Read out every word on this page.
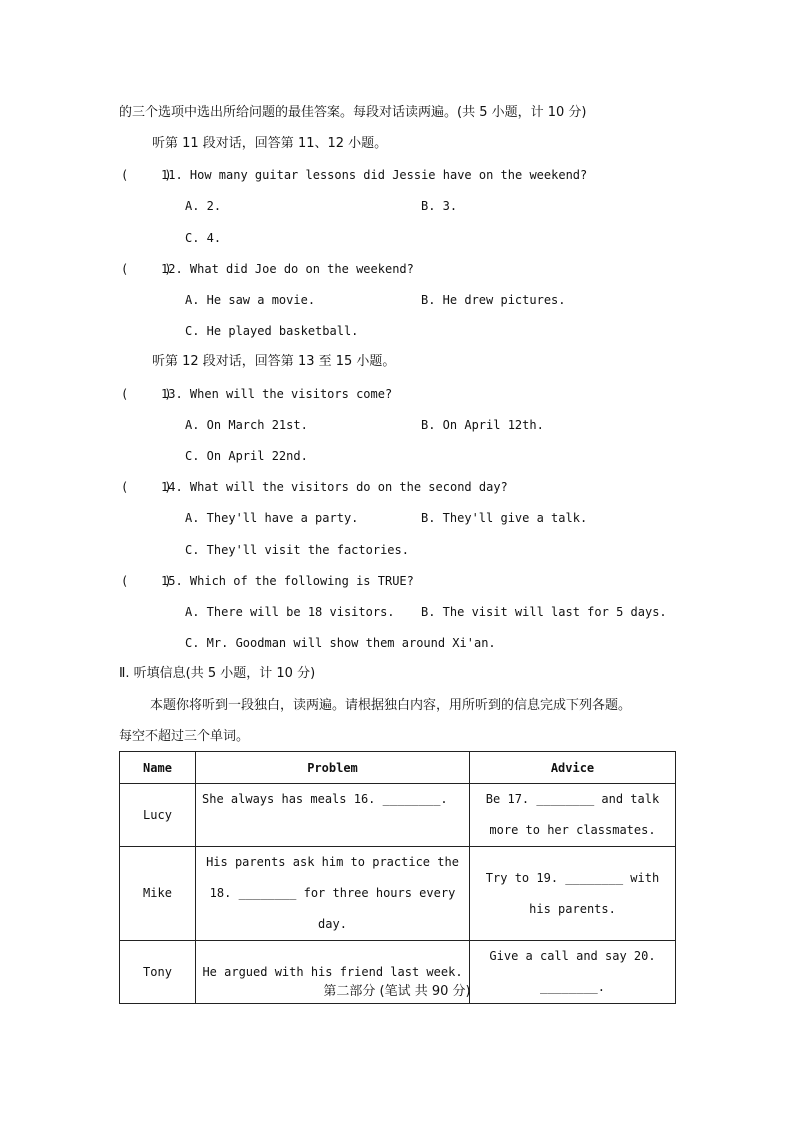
的三个选项中选出所给问题的最佳答案。每段对话读两遍。(共 5 小题，计 10 分)
听第 11 段对话，回答第 11、12 小题。
(     )
11. How many guitar lessons did Jessie have on the weekend?
A. 2.	B. 3.
C. 4.
(     )
12. What did Joe do on the weekend?
A. He saw a movie.	B. He drew pictures.
C. He played basketball.
听第 12 段对话，回答第 13 至 15 小题。
(     )
13. When will the visitors come?
A. On March 21st.	B. On April 12th.
C. On April 22nd.
(     )
14. What will the visitors do on the second day?
A. They'll have a party.	B. They'll give a talk.
C. They'll visit the factories.
(     )
15. Which of the following is TRUE?
A. There will be 18 visitors. B. The visit will last for 5 days.
C. Mr. Goodman will show them around Xi'an.
Ⅱ. 听填信息(共 5 小题，计 10 分)
本题你将听到一段独白，读两遍。请根据独白内容，用所听到的信息完成下列各题。
每空不超过三个单词。
Name	Problem	Advice
Lucy	She always has meals 16. ________.	Be 17. ________ and talk more to her classmates.
Mike	His parents ask him to practice the 18. ________ for three hours every day.	Try to 19. ________ with his parents.
Tony	He argued with his friend last week.	Give a call and say 20. ________.
第二部分 (笔试 共 90 分)
